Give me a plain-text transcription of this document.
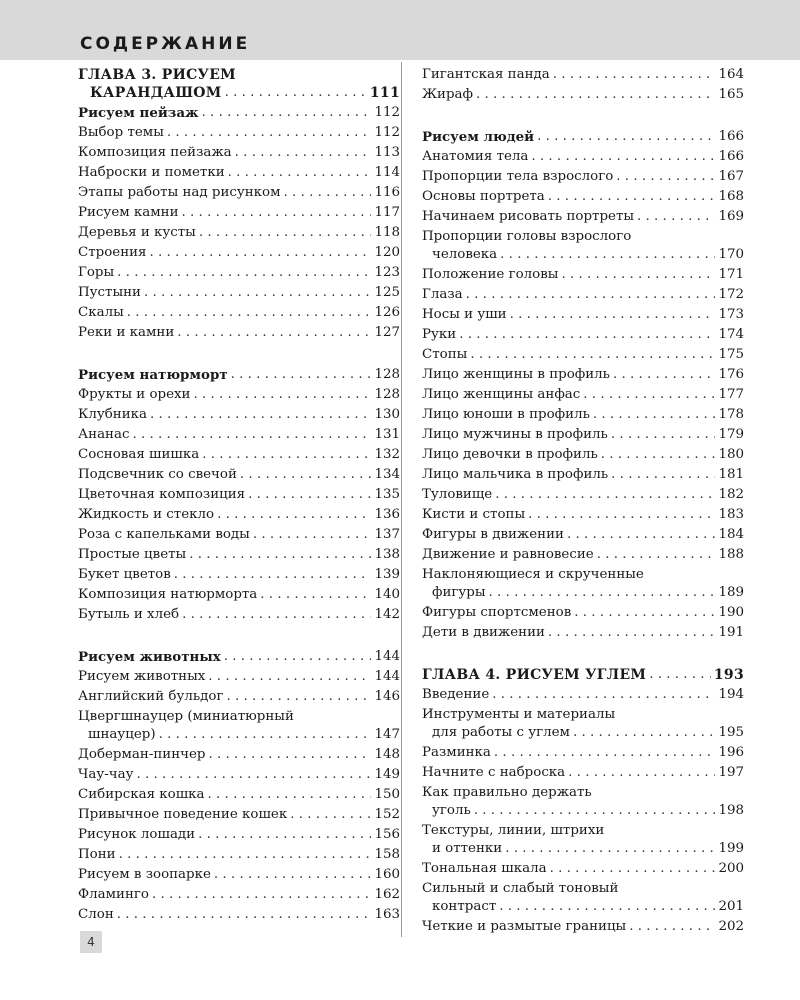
СОДЕРЖАНИЕ
ГЛАВА 3. РИСУЕМ
КАРАНДАШОМ . . .	111
Рисуем пейзаж . . .	112
Выбор темы . . .	112
Композиция пейзажа . . .	113
Наброски и пометки . . .	114
Этапы работы над рисунком . . .	116
Рисуем камни . . .	117
Деревья и кусты . . .	118
Строения . . .	120
Горы . . .	123
Пустыни . . .	125
Скалы . . .	126
Реки и камни . . .	127
Рисуем натюрморт . . .	128
Фрукты и орехи . . .	128
Клубника . . .	130
Ананас . . .	131
Сосновая шишка . . .	132
Подсвечник со свечой . . .	134
Цветочная композиция . . .	135
Жидкость и стекло . . .	136
Роза с капельками воды . . .	137
Простые цветы . . .	138
Букет цветов . . .	139
Композиция натюрморта . . .	140
Бутыль и хлеб . . .	142
Рисуем животных . . .	144
Рисуем животных . . .	144
Английский бульдог . . .	146
Цвергшнауцер (миниатюрный
шнауцер) . . .	147
Доберман-пинчер . . .	148
Чау-чау . . .	149
Сибирская кошка . . .	150
Привычное поведение кошек . . .	152
Рисунок лошади . . .	156
Пони . . .	158
Рисуем в зоопарке . . .	160
Фламинго . . .	162
Слон . . .	163
Гигантская панда . . .	164
Жираф . . .	165
Рисуем людей . . .	166
Анатомия тела . . .	166
Пропорции тела взрослого . . .	167
Основы портрета . . .	168
Начинаем рисовать портреты . . .	169
Пропорции головы взрослого
человека . . .	170
Положение головы . . .	171
Глаза . . .	172
Носы и уши . . .	173
Руки . . .	174
Стопы . . .	175
Лицо женщины в профиль . . .	176
Лицо женщины анфас . . .	177
Лицо юноши в профиль . . .	178
Лицо мужчины в профиль . . .	179
Лицо девочки в профиль . . .	180
Лицо мальчика в профиль . . .	181
Туловище . . .	182
Кисти и стопы . . .	183
Фигуры в движении . . .	184
Движение и равновесие . . .	188
Наклоняющиеся и скрученные
фигуры . . .	189
Фигуры спортсменов . . .	190
Дети в движении . . .	191
ГЛАВА 4. РИСУЕМ УГЛЕМ . . .	193
Введение . . .	194
Инструменты и материалы
для работы с углем . . .	195
Разминка . . .	196
Начните с наброска . . .	197
Как правильно держать
уголь . . .	198
Текстуры, линии, штрихи
и оттенки . . .	199
Тональная шкала . . .	200
Сильный и слабый тоновый
контраст . . .	201
Четкие и размытые границы . . .	202
4
